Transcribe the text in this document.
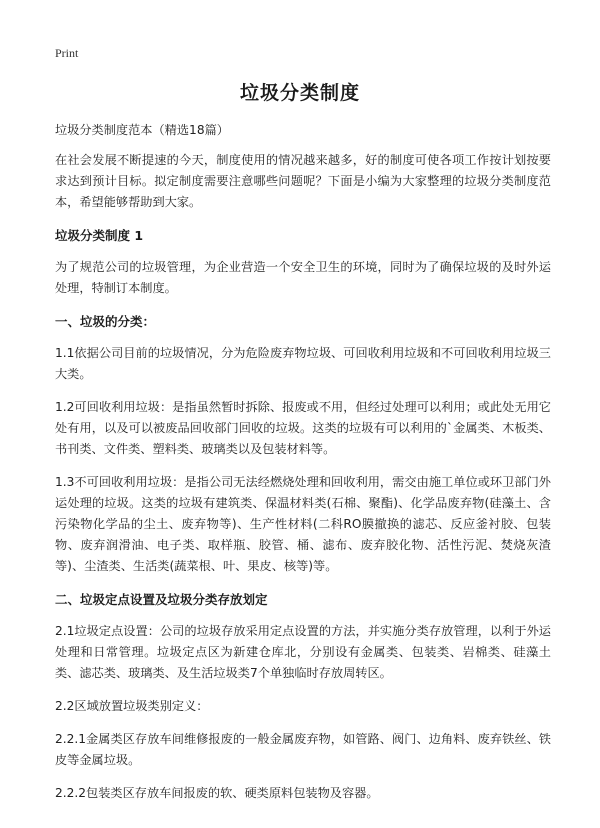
Print
垃圾分类制度

垃圾分类制度范本（精选18篇）

在社会发展不断提速的今天，制度使用的情况越来越多，好的制度可使各项工作按计划按要求达到预计目标。拟定制度需要注意哪些问题呢？下面是小编为大家整理的垃圾分类制度范本，希望能够帮助到大家。

垃圾分类制度 1

为了规范公司的垃圾管理，为企业营造一个安全卫生的环境，同时为了确保垃圾的及时外运处理，特制订本制度。

一、垃圾的分类：

1.1依据公司目前的垃圾情况，分为危险废弃物垃圾、可回收利用垃圾和不可回收利用垃圾三大类。

1.2可回收利用垃圾：是指虽然暂时拆除、报废或不用，但经过处理可以利用；或此处无用它处有用，以及可以被废品回收部门回收的垃圾。这类的垃圾有可以利用的`金属类、木板类、书刊类、文件类、塑料类、玻璃类以及包装材料等。

1.3不可回收利用垃圾：是指公司无法经燃烧处理和回收利用，需交由施工单位或环卫部门外运处理的垃圾。这类的垃圾有建筑类、保温材料类(石棉、聚酯)、化学品废弃物(硅藻土、含污染物化学品的尘土、废弃物等)、生产性材料(二科RO膜撤换的滤芯、反应釜衬胶、包装物、废弃润滑油、电子类、取样瓶、胶管、桶、滤布、废弃胶化物、活性污泥、焚烧灰渣等)、尘渣类、生活类(蔬菜根、叶、果皮、核等)等。

二、垃圾定点设置及垃圾分类存放划定

2.1垃圾定点设置：公司的垃圾存放采用定点设置的方法，并实施分类存放管理，以利于外运处理和日常管理。垃圾定点区为新建仓库北，分别设有金属类、包装类、岩棉类、硅藻土类、滤芯类、玻璃类、及生活垃圾类7个单独临时存放周转区。

2.2区域放置垃圾类别定义：

2.2.1金属类区存放车间维修报废的一般金属废弃物，如管路、阀门、边角料、废弃铁丝、铁皮等金属垃圾。

2.2.2包装类区存放车间报废的软、硬类原料包装物及容器。
